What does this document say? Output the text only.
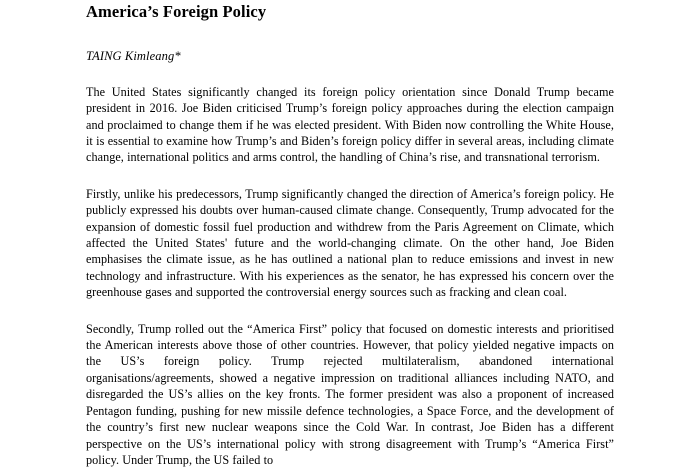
America’s Foreign Policy

TAING Kimleang*

The United States significantly changed its foreign policy orientation since Donald Trump became president in 2016. Joe Biden criticised Trump’s foreign policy approaches during the election campaign and proclaimed to change them if he was elected president. With Biden now controlling the White House, it is essential to examine how Trump’s and Biden’s foreign policy differ in several areas, including climate change, international politics and arms control, the handling of China’s rise, and transnational terrorism.

Firstly, unlike his predecessors, Trump significantly changed the direction of America’s foreign policy. He publicly expressed his doubts over human-caused climate change. Consequently, Trump advocated for the expansion of domestic fossil fuel production and withdrew from the Paris Agreement on Climate, which affected the United States' future and the world-changing climate. On the other hand, Joe Biden emphasises the climate issue, as he has outlined a national plan to reduce emissions and invest in new technology and infrastructure. With his experiences as the senator, he has expressed his concern over the greenhouse gases and supported the controversial energy sources such as fracking and clean coal.

Secondly, Trump rolled out the “America First” policy that focused on domestic interests and prioritised the American interests above those of other countries. However, that policy yielded negative impacts on the US’s foreign policy. Trump rejected multilateralism, abandoned international organisations/agreements, showed a negative impression on traditional alliances including NATO, and disregarded the US’s allies on the key fronts. The former president was also a proponent of increased Pentagon funding, pushing for new missile defence technologies, a Space Force, and the development of the country’s first new nuclear weapons since the Cold War. In contrast, Joe Biden has a different perspective on the US’s international policy with strong disagreement with Trump’s “America First” policy. Under Trump, the US failed to
